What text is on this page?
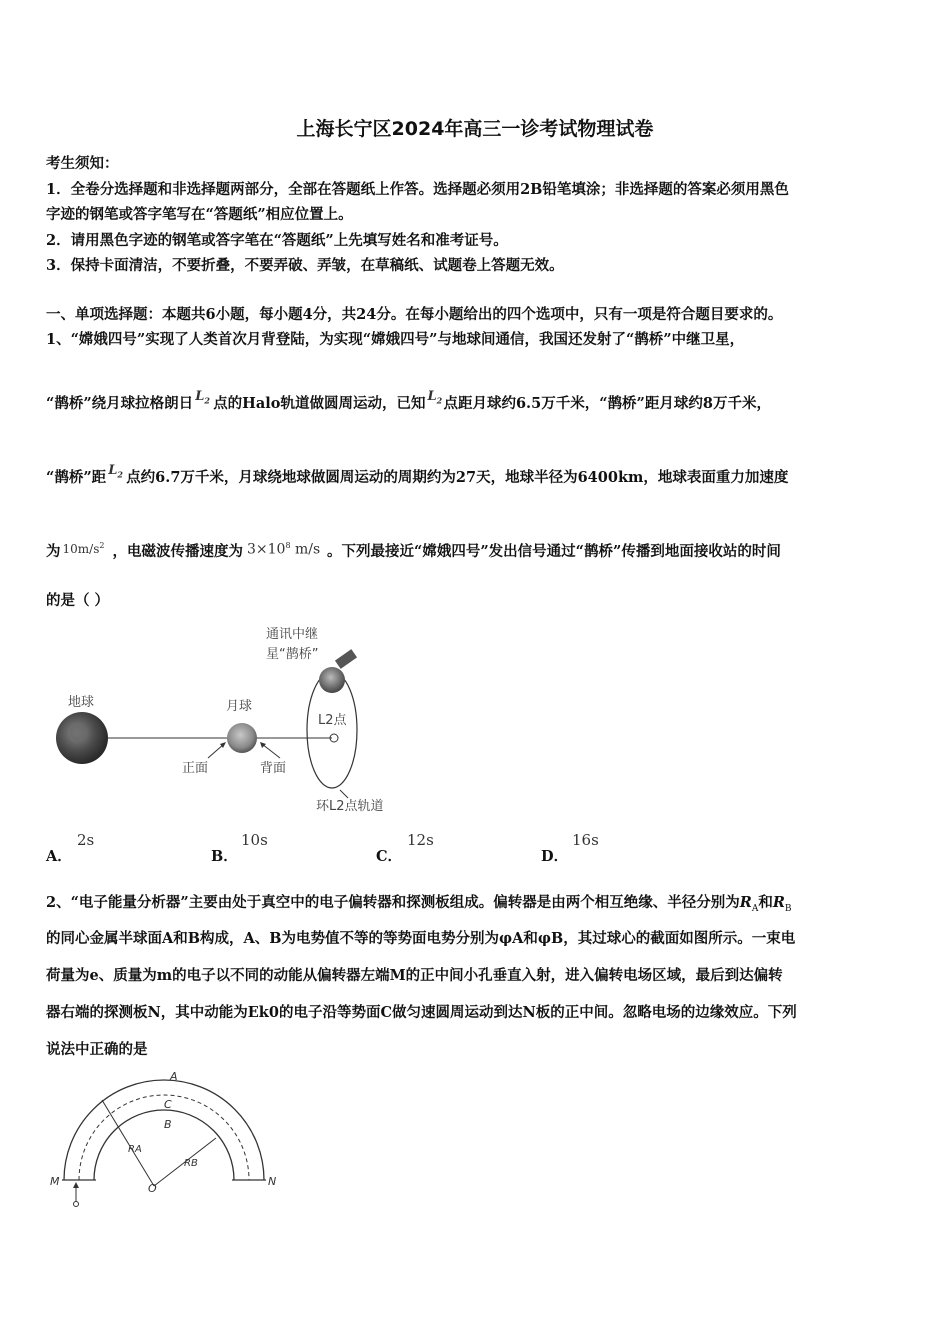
上海长宁区2024年高三一诊考试物理试卷
考生须知：
1．全卷分选择题和非选择题两部分，全部在答题纸上作答。选择题必须用2B铅笔填涂；非选择题的答案必须用黑色
字迹的钢笔或答字笔写在“答题纸”相应位置上。
2．请用黑色字迹的钢笔或答字笔在“答题纸”上先填写姓名和准考证号。
3．保持卡面清洁，不要折叠，不要弄破、弄皱，在草稿纸、试题卷上答题无效。
一、单项选择题：本题共6小题，每小题4分，共24分。在每小题给出的四个选项中，只有一项是符合题目要求的。
1、“嫦娥四号”实现了人类首次月背登陆，为实现“嫦娥四号”与地球间通信，我国还发射了“鹊桥”中继卫星，
“鹊桥”绕月球拉格朗日 $L_2$ 点的Halo轨道做圆周运动，已知 $L_2$ 点距月球约6.5万千米，“鹊桥”距月球约8万千米，
“鹊桥”距 $L_2$ 点约6.7万千米，月球绕地球做圆周运动的周期约为27天，地球半径为6400km，地球表面重力加速度
为 $10m/s^2$ ，电磁波传播速度为 $3\times 10^8$ m/s 。下列最接近“嫦娥四号”发出信号通过“鹊桥”传播到地面接收站的时间
的是（ ）
地球	月球
正面	背面
L2点
通讯中继
星“鹊桥”
环L2点轨道
A．
2s
B．
10s
C．
12s
D．
16s
2、“电子能量分析器”主要由处于真空中的电子偏转器和探测板组成。偏转器是由两个相互绝缘、半径分别为$R_A$和$R_B$
的同心金属半球面A和B构成，A、B为电势值不等的等势面电势分别为φA和φB，其过球心的截面如图所示。一束电
荷量为e、质量为m的电子以不同的动能从偏转器左端M的正中间小孔垂直入射，进入偏转电场区域，最后到达偏转
器右端的探测板N，其中动能为Ek0的电子沿等势面C做匀速圆周运动到达N板的正中间。忽略电场的边缘效应。下列
说法中正确的是
A
C
B
RA
RB
O
M	N
